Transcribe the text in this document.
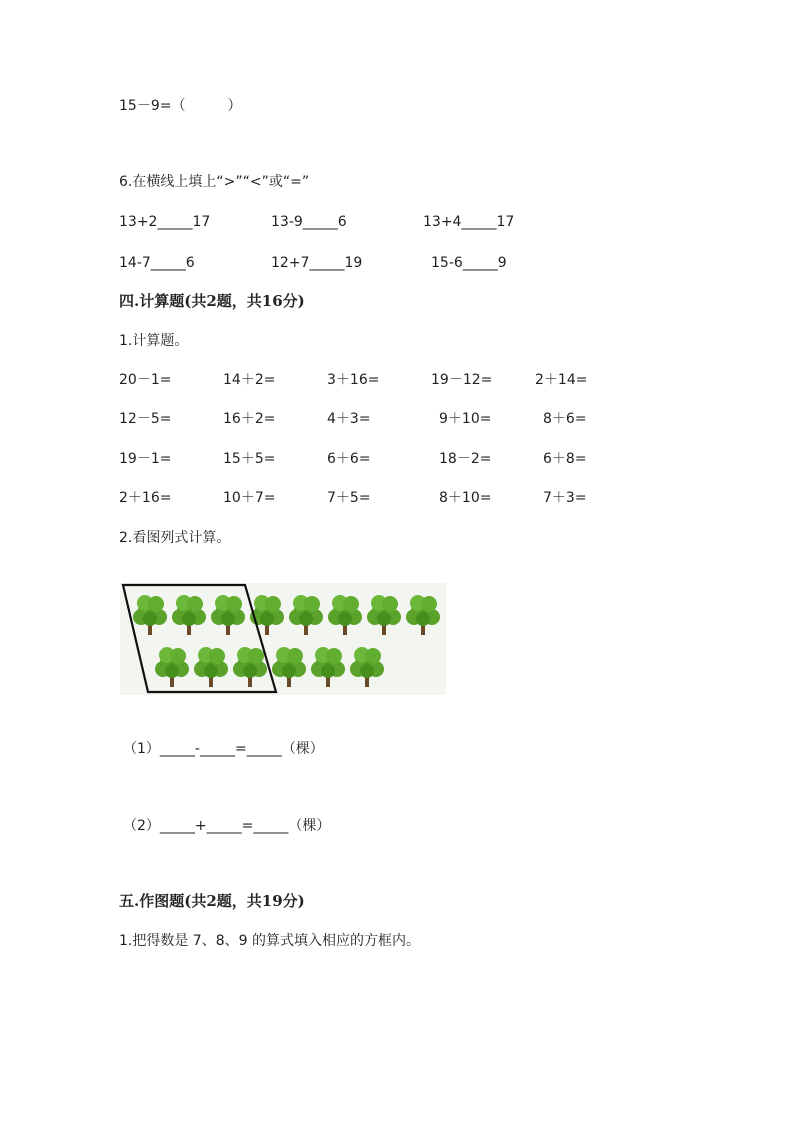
15－9=（　　　）
6.在横线上填上“>”“<”或“=”
13+2_____17	13-9_____6	13+4_____17
14-7_____6	12+7_____19	15-6_____9
四.计算题(共2题，共16分)
1.计算题。
20－1=	14＋2=	3＋16=	19－12=	2＋14=
12－5=	16＋2=	4＋3=	9＋10=	8＋6=
19－1=	15＋5=	6＋6=	18－2=	6＋8=
2＋16=	10＋7=	7＋5=	8＋10=	7＋3=
2.看图列式计算。
（1）_____-_____=_____（棵）
（2）_____+_____=_____（棵）
五.作图题(共2题，共19分)
1.把得数是 7、8、9 的算式填入相应的方框内。
